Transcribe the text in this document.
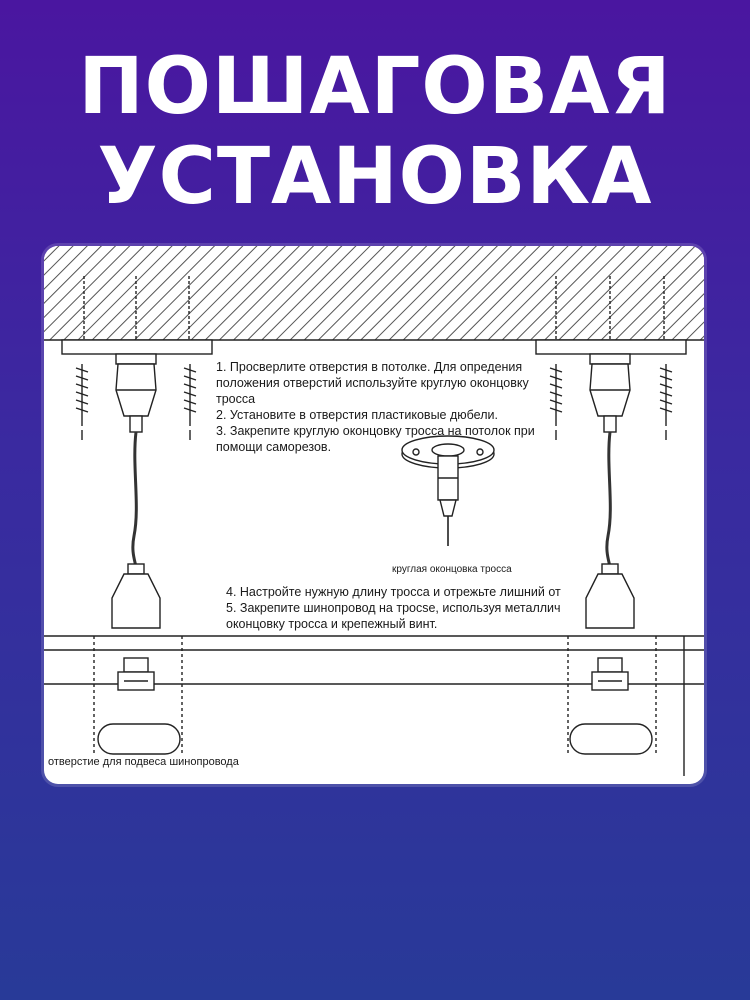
ПОШАГОВАЯ
УСТАНОВКА
1. Просверлите отверстия в потолке. Для опредения
положения отверстий используйте круглую оконцовку
тросса
2. Установите в отверстия пластиковые дюбели.
3. Закрепите круглую оконцовку тросса на потолок при
помощи саморезов.
круглая оконцовка тросса
4. Настройте нужную длину тросса и отрежьте лишний от
5. Закрепите шинопровод на тросse, используя металлич
оконцовку тросса и крепежный винт.
отверстие для подвеса шинопровода
